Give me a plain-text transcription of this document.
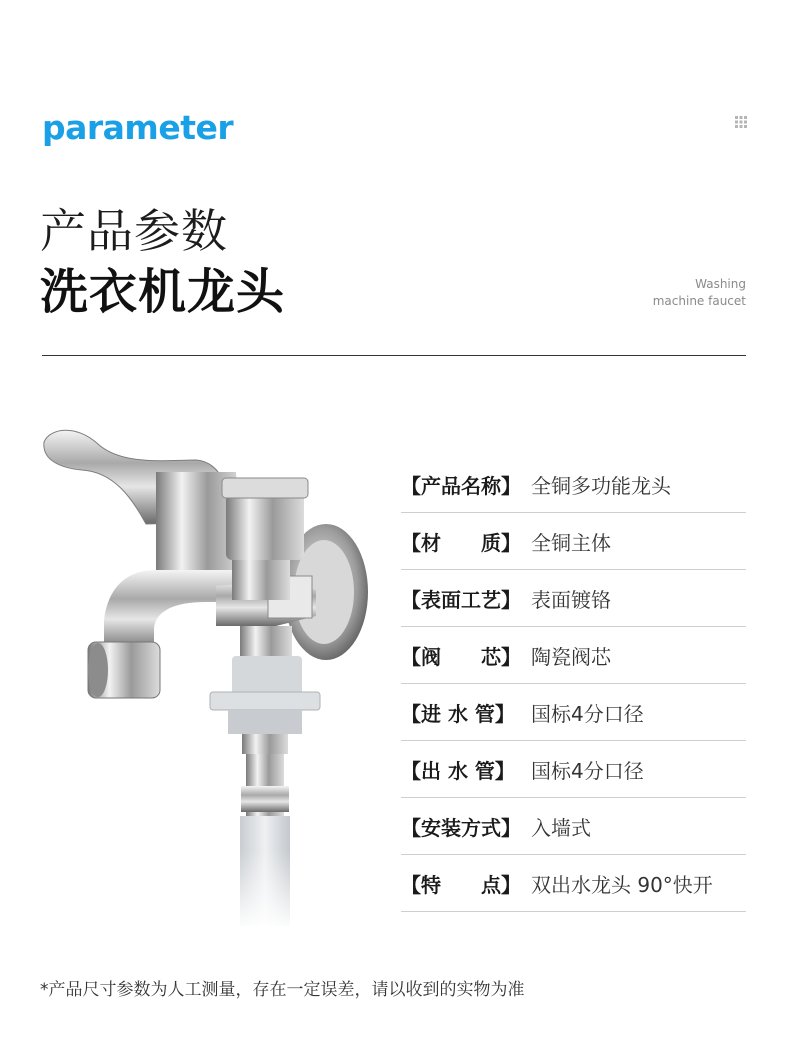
parameter
产品参数
洗衣机龙头	Washing
machine faucet
【产品名称】 全铜多功能龙头
【材　　质】 全铜主体
【表面工艺】 表面镀铬
【阀　　芯】 陶瓷阀芯
【进 水 管】 国标4分口径
【出 水 管】 国标4分口径
【安装方式】 入墙式
【特　　点】 双出水龙头 90°快开
*产品尺寸参数为人工测量，存在一定误差，请以收到的实物为准
